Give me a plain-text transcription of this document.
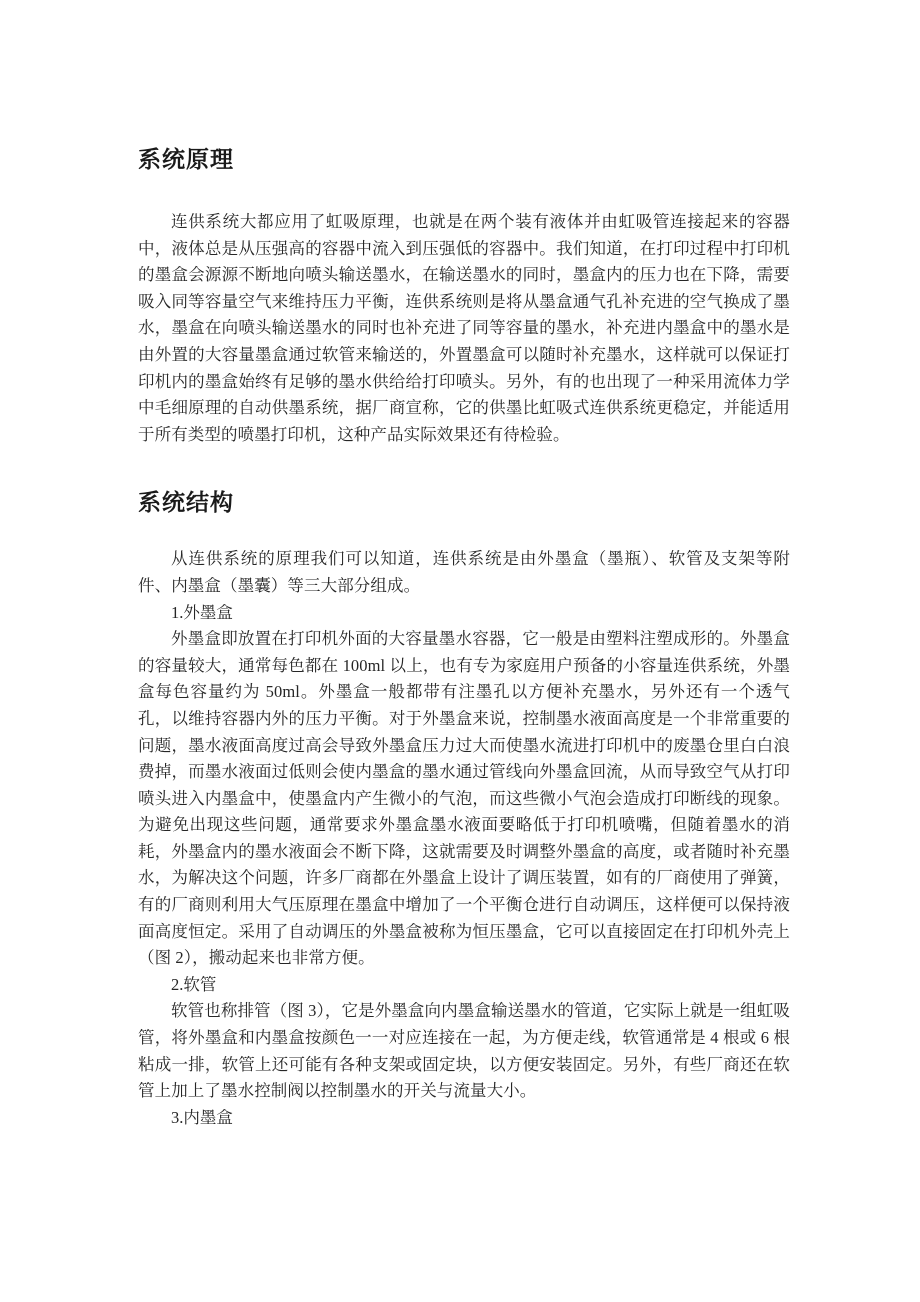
系统原理

连供系统大都应用了虹吸原理，也就是在两个装有液体并由虹吸管连接起来的容器中，液体总是从压强高的容器中流入到压强低的容器中。我们知道，在打印过程中打印机的墨盒会源源不断地向喷头输送墨水，在输送墨水的同时，墨盒内的压力也在下降，需要吸入同等容量空气来维持压力平衡，连供系统则是将从墨盒通气孔补充进的空气换成了墨水，墨盒在向喷头输送墨水的同时也补充进了同等容量的墨水，补充进内墨盒中的墨水是由外置的大容量墨盒通过软管来输送的，外置墨盒可以随时补充墨水，这样就可以保证打印机内的墨盒始终有足够的墨水供给给打印喷头。另外，有的也出现了一种采用流体力学中毛细原理的自动供墨系统，据厂商宣称，它的供墨比虹吸式连供系统更稳定，并能适用于所有类型的喷墨打印机，这种产品实际效果还有待检验。

系统结构

从连供系统的原理我们可以知道，连供系统是由外墨盒（墨瓶）、软管及支架等附件、内墨盒（墨囊）等三大部分组成。

1.外墨盒

外墨盒即放置在打印机外面的大容量墨水容器，它一般是由塑料注塑成形的。外墨盒的容量较大，通常每色都在 100ml 以上，也有专为家庭用户预备的小容量连供系统，外墨盒每色容量约为 50ml。外墨盒一般都带有注墨孔以方便补充墨水，另外还有一个透气孔，以维持容器内外的压力平衡。对于外墨盒来说，控制墨水液面高度是一个非常重要的问题，墨水液面高度过高会导致外墨盒压力过大而使墨水流进打印机中的废墨仓里白白浪费掉，而墨水液面过低则会使内墨盒的墨水通过管线向外墨盒回流，从而导致空气从打印喷头进入内墨盒中，使墨盒内产生微小的气泡，而这些微小气泡会造成打印断线的现象。为避免出现这些问题，通常要求外墨盒墨水液面要略低于打印机喷嘴，但随着墨水的消耗，外墨盒内的墨水液面会不断下降，这就需要及时调整外墨盒的高度，或者随时补充墨水，为解决这个问题，许多厂商都在外墨盒上设计了调压装置，如有的厂商使用了弹簧，有的厂商则利用大气压原理在墨盒中增加了一个平衡仓进行自动调压，这样便可以保持液面高度恒定。采用了自动调压的外墨盒被称为恒压墨盒，它可以直接固定在打印机外壳上（图 2），搬动起来也非常方便。

2.软管

软管也称排管（图 3），它是外墨盒向内墨盒输送墨水的管道，它实际上就是一组虹吸管，将外墨盒和内墨盒按颜色一一对应连接在一起，为方便走线，软管通常是 4 根或 6 根粘成一排，软管上还可能有各种支架或固定块，以方便安装固定。另外，有些厂商还在软管上加上了墨水控制阀以控制墨水的开关与流量大小。

3.内墨盒
